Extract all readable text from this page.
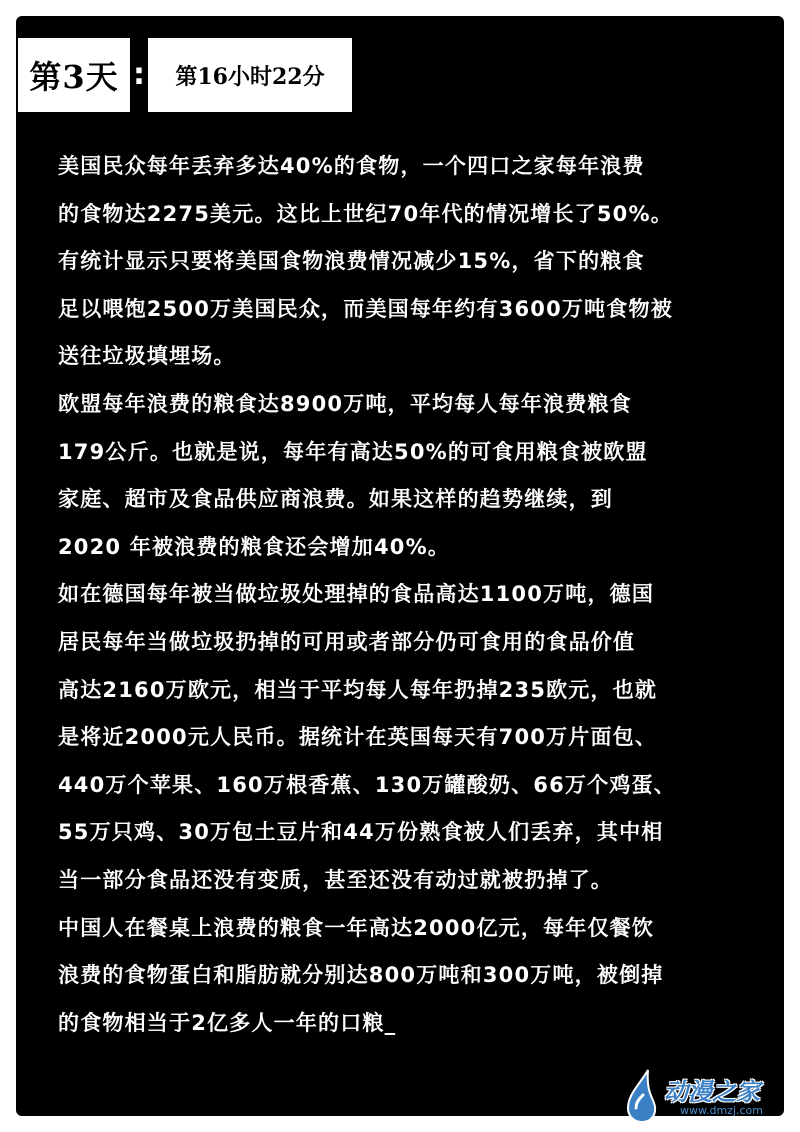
第3天 : 第16小时22分
美国民众每年丢弃多达40%的食物，一个四口之家每年浪费
的食物达2275美元。这比上世纪70年代的情况增长了50%。
有统计显示只要将美国食物浪费情况减少15%，省下的粮食
足以喂饱2500万美国民众，而美国每年约有3600万吨食物被
送往垃圾填埋场。
欧盟每年浪费的粮食达8900万吨，平均每人每年浪费粮食
179公斤。也就是说，每年有高达50%的可食用粮食被欧盟
家庭、超市及食品供应商浪费。如果这样的趋势继续，到
2020 年被浪费的粮食还会增加40%。
如在德国每年被当做垃圾处理掉的食品高达1100万吨，德国
居民每年当做垃圾扔掉的可用或者部分仍可食用的食品价值
高达2160万欧元，相当于平均每人每年扔掉235欧元，也就
是将近2000元人民币。据统计在英国每天有700万片面包、
440万个苹果、160万根香蕉、130万罐酸奶、66万个鸡蛋、
55万只鸡、30万包土豆片和44万份熟食被人们丢弃，其中相
当一部分食品还没有变质，甚至还没有动过就被扔掉了。
中国人在餐桌上浪费的粮食一年高达2000亿元，每年仅餐饮
浪费的食物蛋白和脂肪就分别达800万吨和300万吨，被倒掉
的食物相当于2亿多人一年的口粮_
动漫之家
www.dmzj.com
